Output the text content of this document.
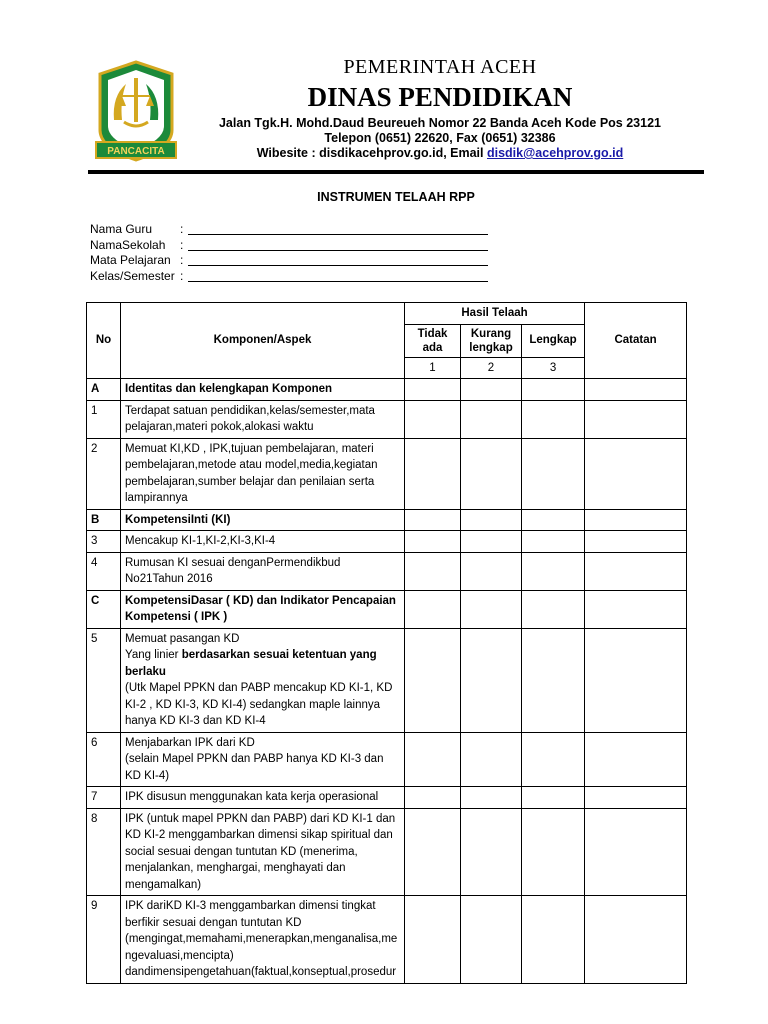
PANCACITA
PEMERINTAH ACEH
DINAS PENDIDIKAN
Jalan Tgk.H. Mohd.Daud Beureueh Nomor 22 Banda Aceh Kode Pos 23121
Telepon (0651) 22620, Fax (0651) 32386
Wibesite : disdikacehprov.go.id, Email disdik@acehprov.go.id
INSTRUMEN TELAAH RPP
Nama Guru	:
NamaSekolah	:
Mata Pelajaran :
Kelas/Semester :
No	Komponen/Aspek	Hasil Telaah			Catatan
		Tidak ada	Kurang lengkap	Lengkap	
		1	2	3	
A	Identitas dan kelengkapan Komponen				
1	Terdapat satuan pendidikan,kelas/semester,mata pelajaran,materi pokok,alokasi waktu				
2	Memuat KI,KD , IPK,tujuan pembelajaran, materi pembelajaran,metode atau model,media,kegiatan pembelajaran,sumber belajar dan penilaian serta lampirannya				
B	KompetensiInti (KI)				
3	Mencakup KI-1,KI-2,KI-3,KI-4				
4	Rumusan KI sesuai denganPermendikbud No21Tahun 2016				
C	KompetensiDasar ( KD) dan Indikator Pencapaian Kompetensi ( IPK )				
5	Memuat pasangan KD
Yang linier berdasarkan sesuai ketentuan yang berlaku
(Utk Mapel PPKN dan PABP mencakup KD KI-1, KD KI-2 , KD KI-3, KD KI-4) sedangkan maple lainnya hanya KD KI-3 dan KD KI-4				

6	Menjabarkan IPK dari KD
(selain Mapel PPKN dan PABP hanya KD KI-3 dan KD KI-4)				

7	IPK disusun menggunakan kata kerja operasional				
8	IPK (untuk mapel PPKN dan PABP) dari KD KI-1 dan KD KI-2 menggambarkan dimensi sikap spiritual dan social sesuai dengan tuntutan KD (menerima, menjalankan, menghargai, menghayati dan mengamalkan)				
9	IPK dariKD KI-3 menggambarkan dimensi tingkat berfikir sesuai dengan tuntutan KD
(mengingat,memahami,menerapkan,menganalisa,me ngevaluasi,mencipta)
dandimensipengetahuan(faktual,konseptual,prosedur				
